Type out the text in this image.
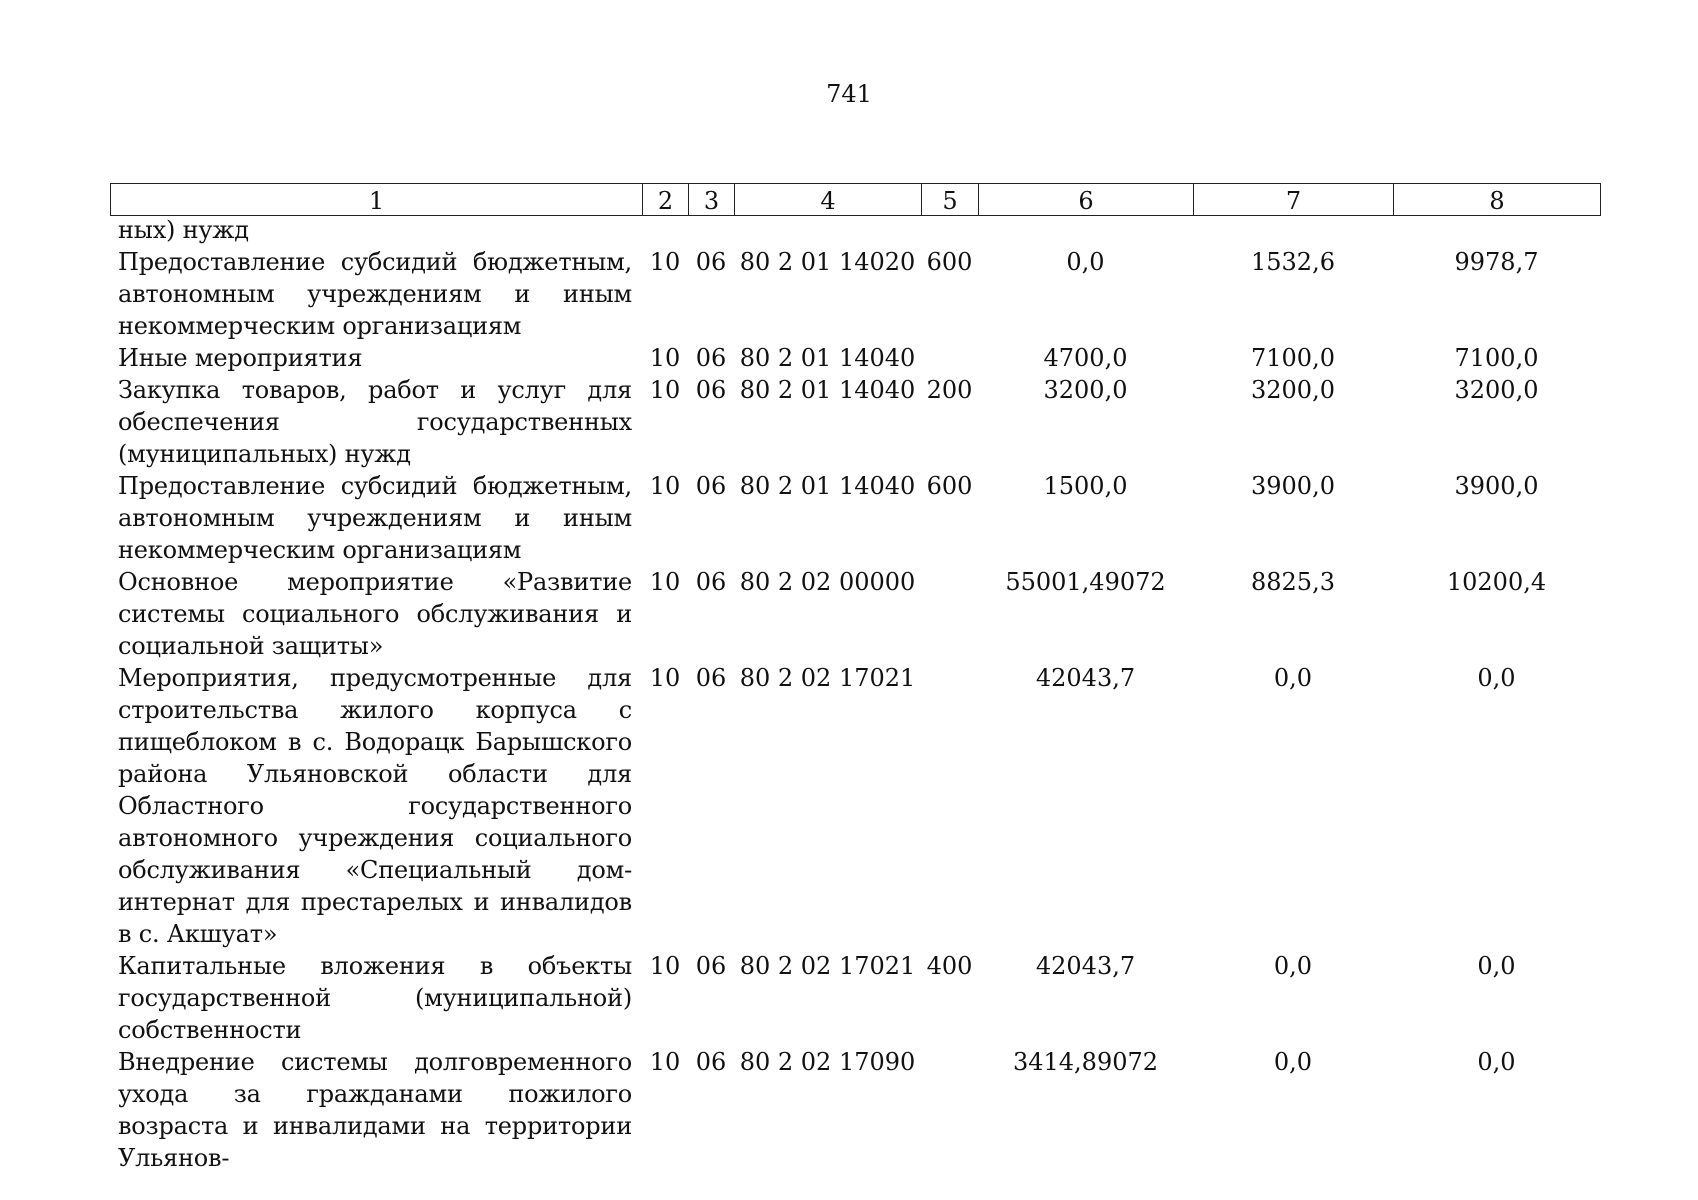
741
1	2	3	4	5	6	7	8
ных) нужд							
Предоставление субсидий бюджетным, автономным учреждениям и иным некоммерческим организациям	10	06	80 2 01 14020	600	0,0	1532,6	9978,7
Иные мероприятия	10	06	80 2 01 14040		4700,0	7100,0	7100,0
Закупка товаров, работ и услуг для обеспечения государственных (муниципальных) нужд	10	06	80 2 01 14040	200	3200,0	3200,0	3200,0
Предоставление субсидий бюджетным, автономным учреждениям и иным некоммерческим организациям	10	06	80 2 01 14040	600	1500,0	3900,0	3900,0
Основное мероприятие «Развитие системы социального обслуживания и социальной защиты»	10	06	80 2 02 00000		55001,49072	8825,3	10200,4
Мероприятия, предусмотренные для строительства жилого корпуса с пищеблоком в с. Водорацк Барышского района Ульяновской области для Областного государственного автономного учреждения социального обслуживания «Специальный дом-интернат для престарелых и инвалидов в с. Акшуат»	10	06	80 2 02 17021		42043,7	0,0	0,0
Капитальные вложения в объекты государственной (муниципальной) собственности	10	06	80 2 02 17021	400	42043,7	0,0	0,0
Внедрение системы долговременного ухода за гражданами пожилого возраста и инвалидами на территории Ульянов-	10	06	80 2 02 17090		3414,89072	0,0	0,0
